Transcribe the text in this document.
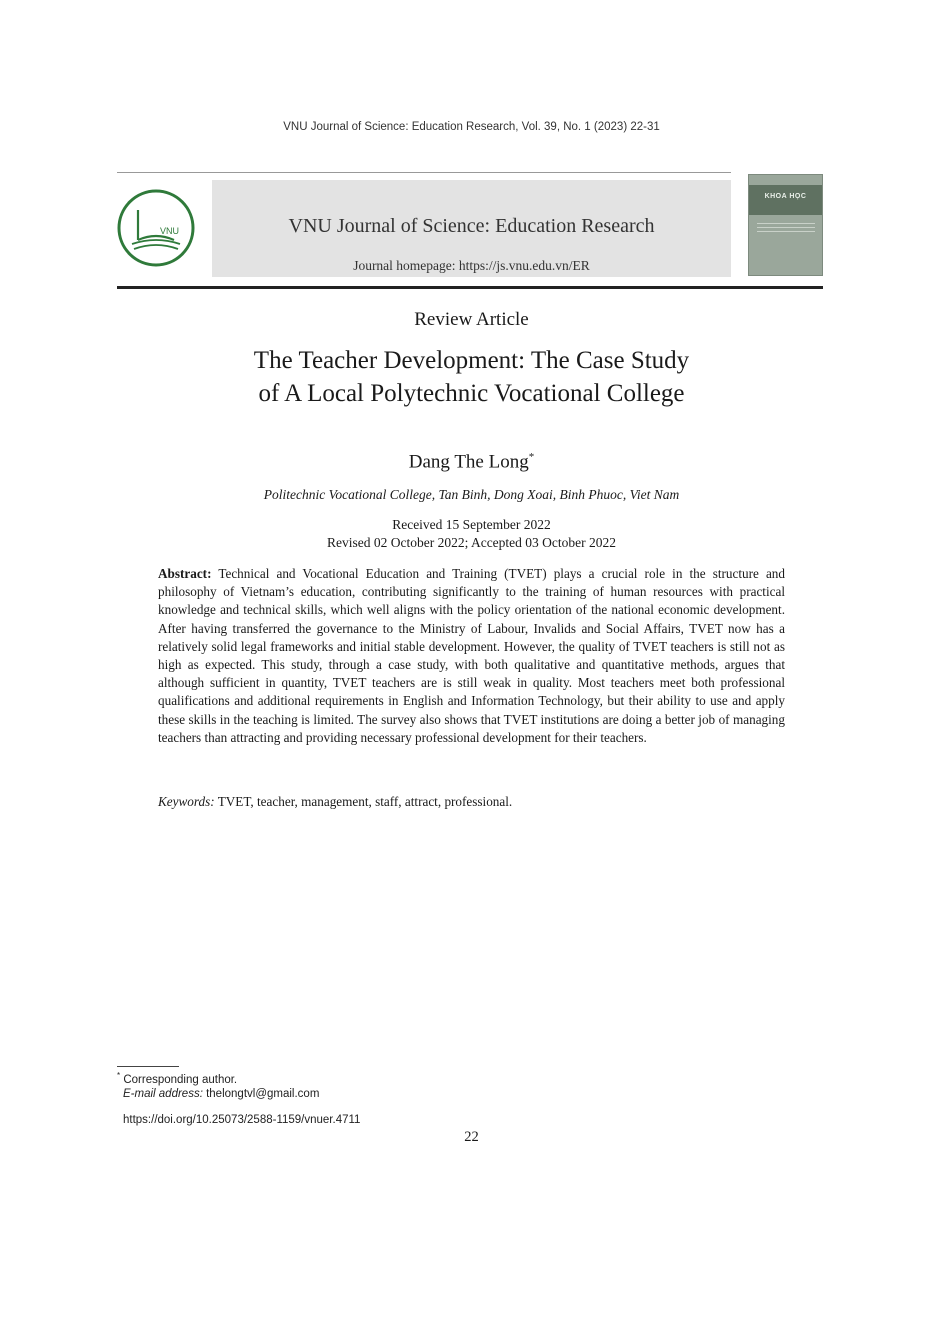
VNU Journal of Science: Education Research, Vol. 39, No. 1 (2023) 22-31
VNU	VNU Journal of Science: Education Research
Journal homepage: https://js.vnu.edu.vn/ER
KHOA HỌC
Review Article
The Teacher Development: The Case Study
of A Local Polytechnic Vocational College
Dang The Long*
Politechnic Vocational College, Tan Binh, Dong Xoai, Binh Phuoc, Viet Nam
Received 15 September 2022
Revised 02 October 2022; Accepted 03 October 2022
Abstract: Technical and Vocational Education and Training (TVET) plays a crucial role in the structure and philosophy of Vietnam’s education, contributing significantly to the training of human resources with practical knowledge and technical skills, which well aligns with the policy orientation of the national economic development. After having transferred the governance to the Ministry of Labour, Invalids and Social Affairs, TVET now has a relatively solid legal frameworks and initial stable development. However, the quality of TVET teachers is still not as high as expected. This study, through a case study, with both qualitative and quantitative methods, argues that although sufficient in quantity, TVET teachers are is still weak in quality. Most teachers meet both professional qualifications and additional requirements in English and Information Technology, but their ability to use and apply these skills in the teaching is limited. The survey also shows that TVET institutions are doing a better job of managing teachers than attracting and providing necessary professional development for their teachers.
Keywords: TVET, teacher, management, staff, attract, professional.
* Corresponding author.
E-mail address: thelongtvl@gmail.com
https://doi.org/10.25073/2588-1159/vnuer.4711
22
